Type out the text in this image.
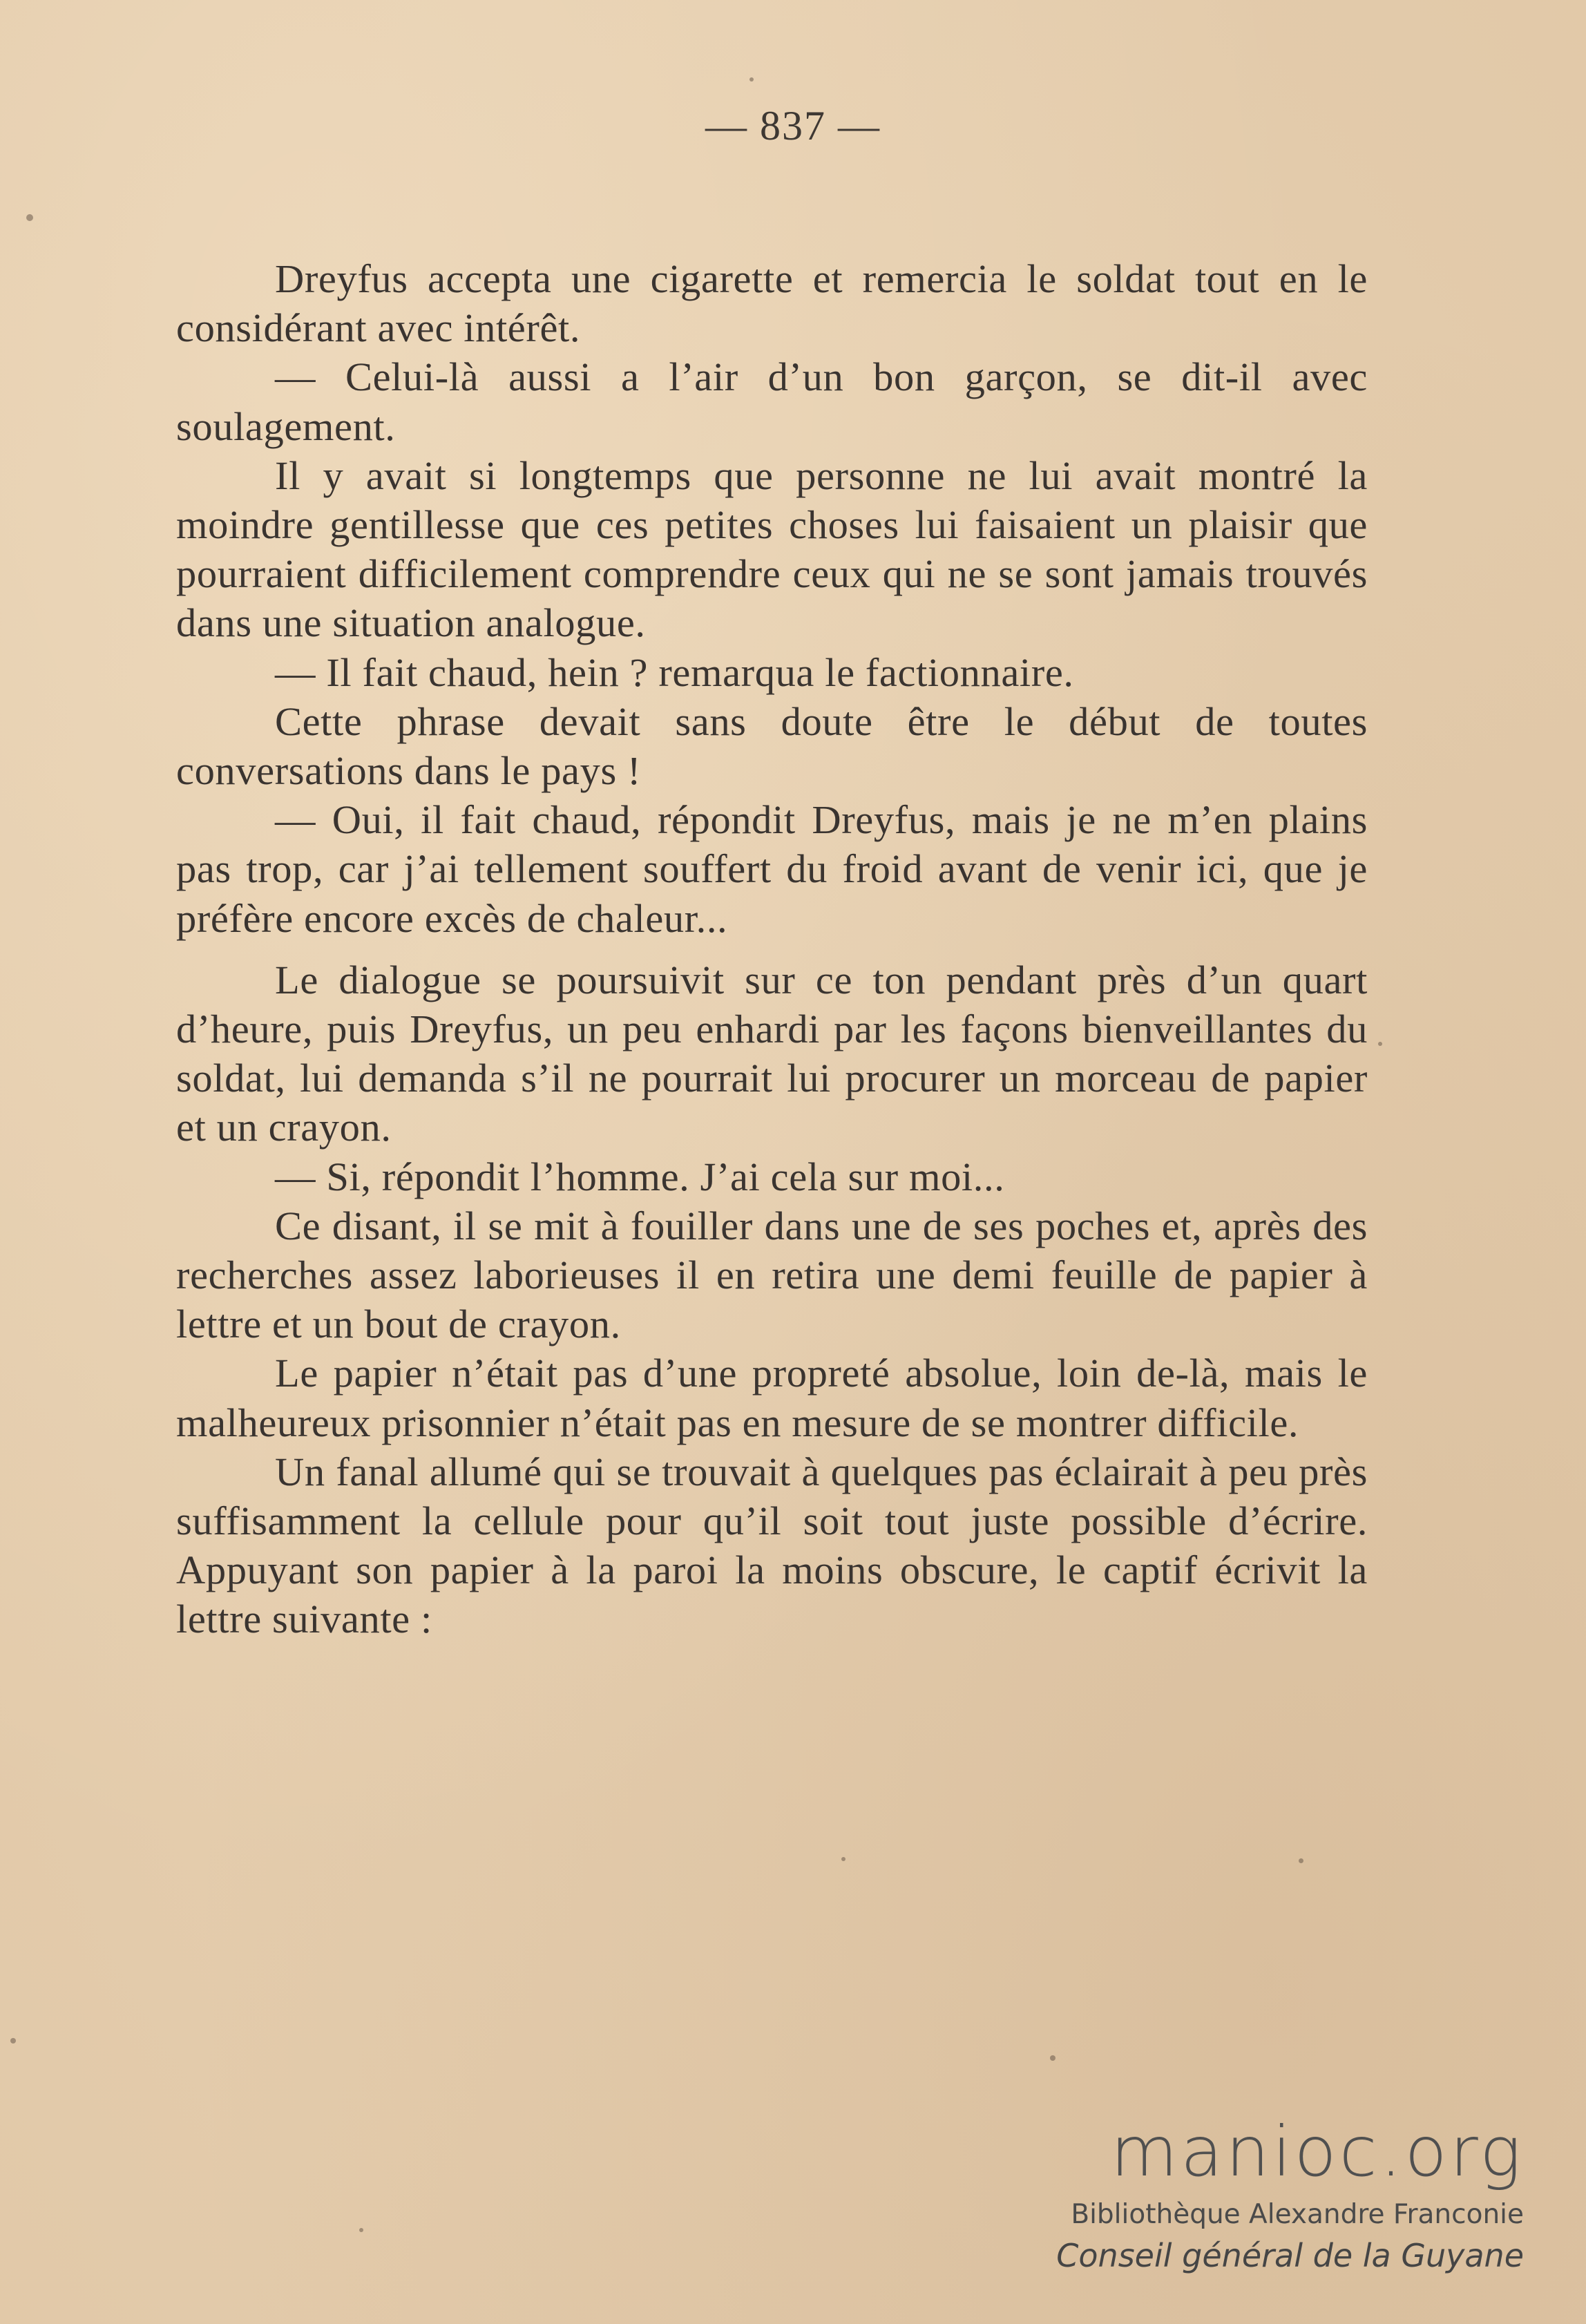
— 837 —

Dreyfus accepta une cigarette et remercia le soldat tout en le considérant avec intérêt.

— Celui-là aussi a l’air d’un bon garçon, se dit-il avec soulagement.

Il y avait si longtemps que personne ne lui avait montré la moindre gentillesse que ces petites choses lui faisaient un plaisir que pourraient difficilement comprendre ceux qui ne se sont jamais trouvés dans une situation analogue.

— Il fait chaud, hein ? remarqua le factionnaire.

Cette phrase devait sans doute être le début de toutes conversations dans le pays !

— Oui, il fait chaud, répondit Dreyfus, mais je ne m’en plains pas trop, car j’ai tellement souffert du froid avant de venir ici, que je préfère encore excès de chaleur...

Le dialogue se poursuivit sur ce ton pendant près d’un quart d’heure, puis Dreyfus, un peu enhardi par les façons bienveillantes du soldat, lui demanda s’il ne pourrait lui procurer un morceau de papier et un crayon.

— Si, répondit l’homme. J’ai cela sur moi...

Ce disant, il se mit à fouiller dans une de ses poches et, après des recherches assez laborieuses il en retira une demi feuille de papier à lettre et un bout de crayon.

Le papier n’était pas d’une propreté absolue, loin de-là, mais le malheureux prisonnier n’était pas en mesure de se montrer difficile.

Un fanal allumé qui se trouvait à quelques pas éclairait à peu près suffisamment la cellule pour qu’il soit tout juste possible d’écrire. Appuyant son papier à la paroi la moins obscure, le captif écrivit la lettre suivante :

manioc.org
Bibliothèque Alexandre Franconie
Conseil général de la Guyane
